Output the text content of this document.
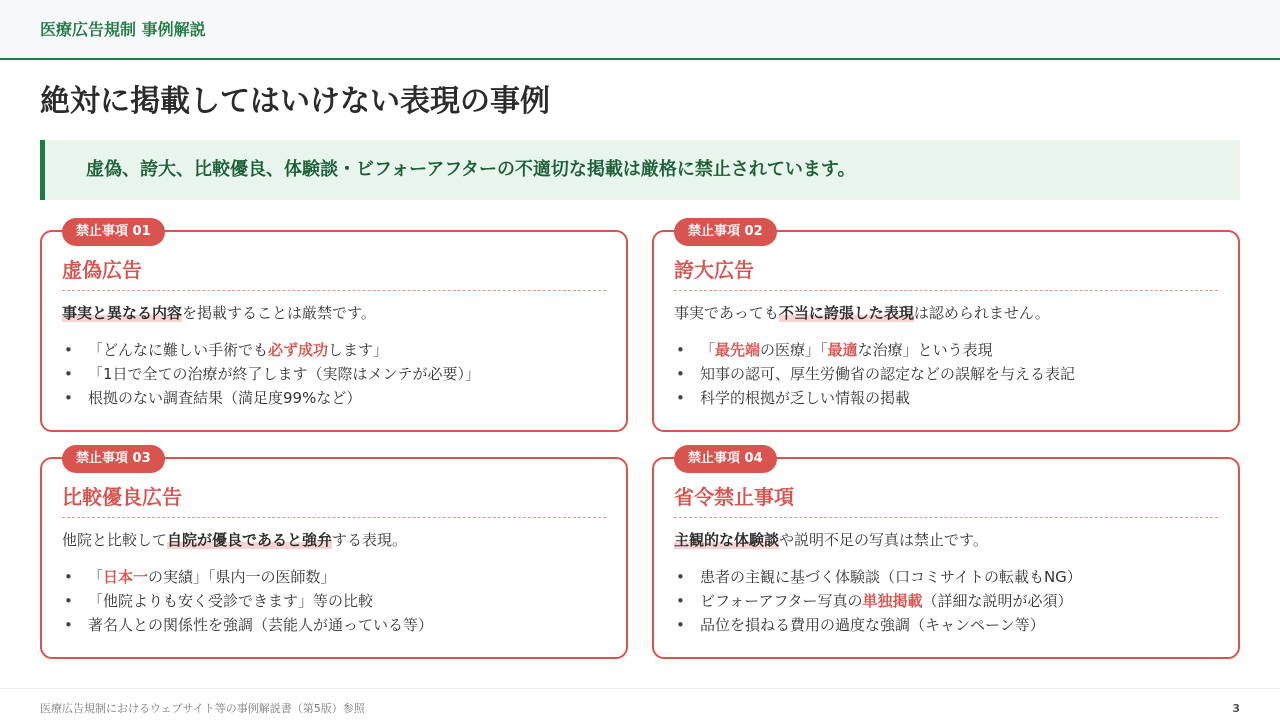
医療広告規制 事例解説
絶対に掲載してはいけない表現の事例
虚偽、誇大、比較優良、体験談・ビフォーアフターの不適切な掲載は厳格に禁止されています。
禁止事項 01
虚偽広告

事実と異なる内容を掲載することは厳禁です。

• 「どんなに難しい手術でも必ず成功します」
• 「1日で全ての治療が終了します（実際はメンテが必要）」
• 根拠のない調査結果（満足度99%など）
禁止事項 02
誇大広告

事実であっても不当に誇張した表現は認められません。

• 「最先端の医療」「最適な治療」という表現
• 知事の認可、厚生労働省の認定などの誤解を与える表記
• 科学的根拠が乏しい情報の掲載
禁止事項 03
比較優良広告

他院と比較して自院が優良であると強弁する表現。

• 「日本一の実績」「県内一の医師数」
• 「他院よりも安く受診できます」等の比較
• 著名人との関係性を強調（芸能人が通っている等）
禁止事項 04
省令禁止事項

主観的な体験談や説明不足の写真は禁止です。

• 患者の主観に基づく体験談（口コミサイトの転載もNG）
• ビフォーアフター写真の単独掲載（詳細な説明が必須）
• 品位を損ねる費用の過度な強調（キャンペーン等）
医療広告規制におけるウェブサイト等の事例解説書（第5版）参照	3
